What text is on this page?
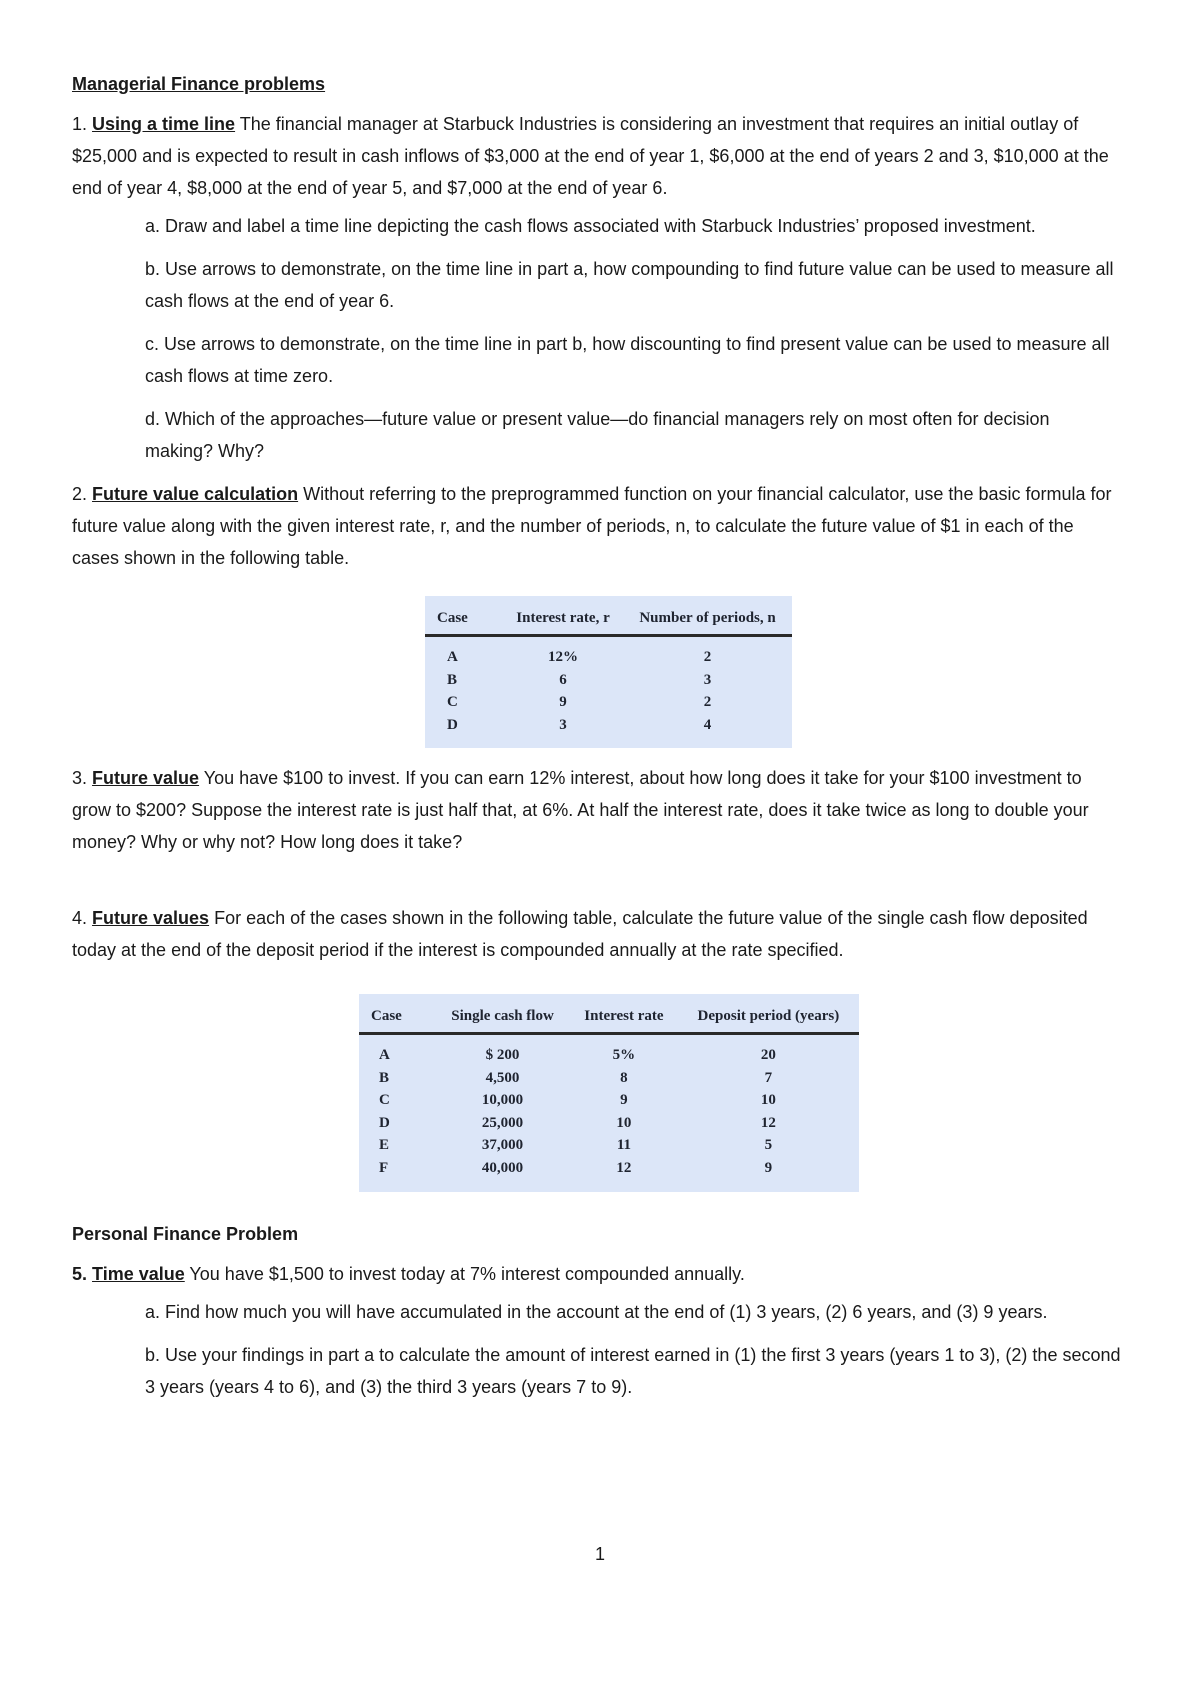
Managerial Finance problems

1. Using a time line The financial manager at Starbuck Industries is considering an investment that requires an initial outlay of $25,000 and is expected to result in cash inflows of $3,000 at the end of year 1, $6,000 at the end of years 2 and 3, $10,000 at the end of year 4, $8,000 at the end of year 5, and $7,000 at the end of year 6.

a. Draw and label a time line depicting the cash flows associated with Starbuck Industries’ proposed investment.

b. Use arrows to demonstrate, on the time line in part a, how compounding to find future value can be used to measure all cash flows at the end of year 6.

c. Use arrows to demonstrate, on the time line in part b, how discounting to find present value can be used to measure all cash flows at time zero.

d. Which of the approaches—future value or present value—do financial managers rely on most often for decision making? Why?

2. Future value calculation Without referring to the preprogrammed function on your financial calculator, use the basic formula for future value along with the given interest rate, r, and the number of periods, n, to calculate the future value of $1 in each of the cases shown in the following table.

Case	Interest rate, r	Number of periods, n
A	12%	2
B	6	3
C	9	2
D	3	4

3. Future value You have $100 to invest. If you can earn 12% interest, about how long does it take for your $100 investment to grow to $200? Suppose the interest rate is just half that, at 6%. At half the interest rate, does it take twice as long to double your money? Why or why not? How long does it take?

4. Future values For each of the cases shown in the following table, calculate the future value of the single cash flow deposited today at the end of the deposit period if the interest is compounded annually at the rate specified.

Case	Single cash flow	Interest rate	Deposit period (years)
A	$ 200	5%	20
B	4,500	8	7
C	10,000	9	10
D	25,000	10	12
E	37,000	11	5
F	40,000	12	9

Personal Finance Problem

5. Time value You have $1,500 to invest today at 7% interest compounded annually.

a. Find how much you will have accumulated in the account at the end of (1) 3 years, (2) 6 years, and (3) 9 years.

b. Use your findings in part a to calculate the amount of interest earned in (1) the first 3 years (years 1 to 3), (2) the second 3 years (years 4 to 6), and (3) the third 3 years (years 7 to 9).

1
